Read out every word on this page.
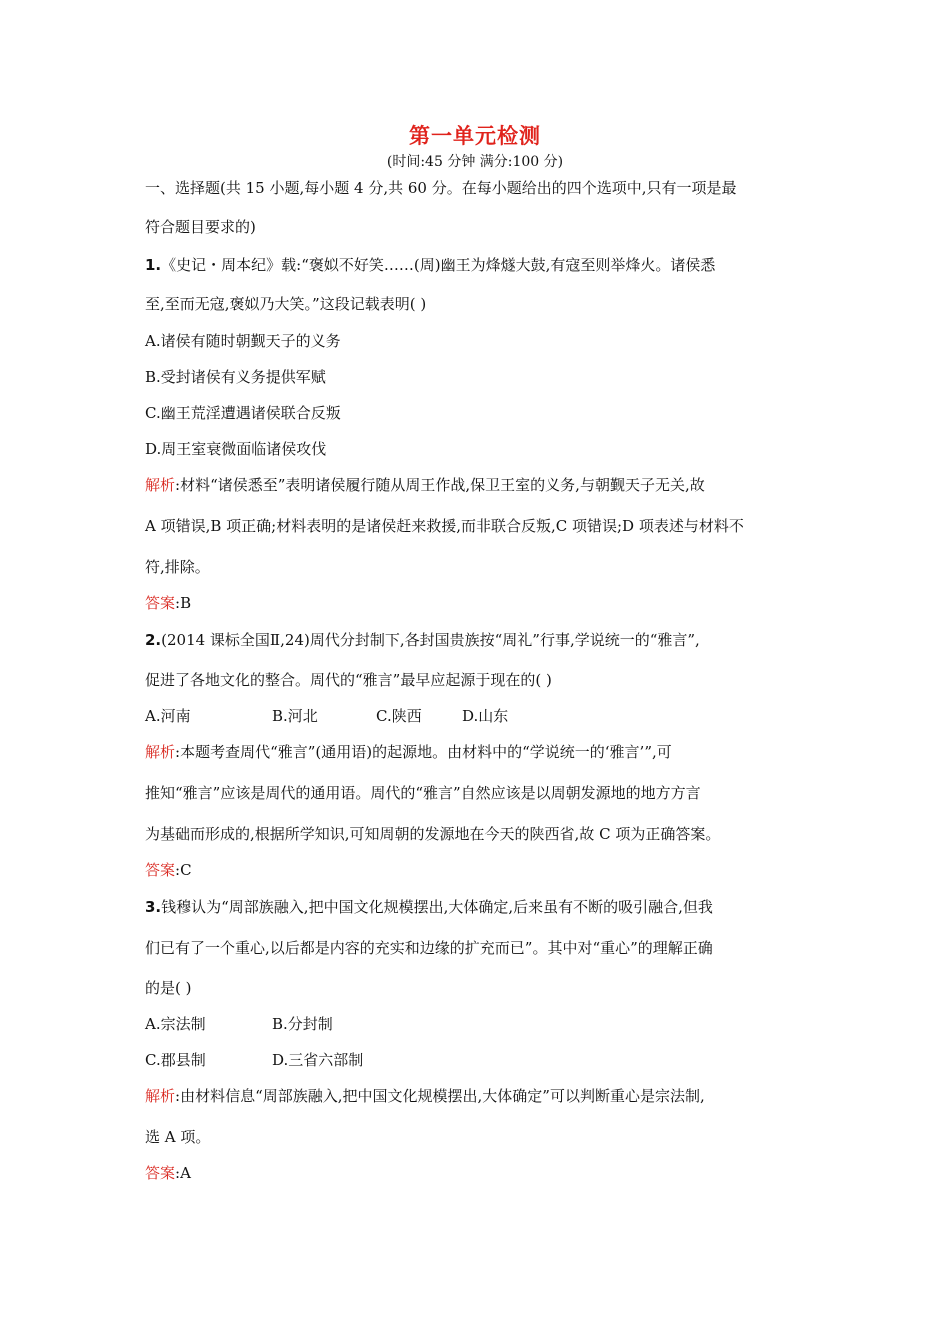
第一单元检测
(时间:45 分钟 满分:100 分)
一、选择题(共 15 小题,每小题 4 分,共 60 分。在每小题给出的四个选项中,只有一项是最
符合题目要求的)
1.《史记・周本纪》载:“褒姒不好笑……(周)幽王为烽燧大鼓,有寇至则举烽火。诸侯悉
至,至而无寇,褒姒乃大笑。”这段记载表明( )
A.诸侯有随时朝觐天子的义务
B.受封诸侯有义务提供军赋
C.幽王荒淫遭遇诸侯联合反叛
D.周王室衰微面临诸侯攻伐
解析:材料“诸侯悉至”表明诸侯履行随从周王作战,保卫王室的义务,与朝觐天子无关,故
A 项错误,B 项正确;材料表明的是诸侯赶来救援,而非联合反叛,C 项错误;D 项表述与材料不
符,排除。
答案:B
2.(2014 课标全国Ⅱ,24)周代分封制下,各封国贵族按“周礼”行事,学说统一的“雅言”,
促进了各地文化的整合。周代的“雅言”最早应起源于现在的( )
A.河南	B.河北	C.陕西	D.山东
解析:本题考查周代“雅言”(通用语)的起源地。由材料中的“学说统一的‘雅言’”,可
推知“雅言”应该是周代的通用语。周代的“雅言”自然应该是以周朝发源地的地方方言
为基础而形成的,根据所学知识,可知周朝的发源地在今天的陕西省,故 C 项为正确答案。
答案:C
3.钱穆认为“周部族融入,把中国文化规模摆出,大体确定,后来虽有不断的吸引融合,但我
们已有了一个重心,以后都是内容的充实和边缘的扩充而已”。其中对“重心”的理解正确
的是( )
A.宗法制	B.分封制
C.郡县制	D.三省六部制
解析:由材料信息“周部族融入,把中国文化规模摆出,大体确定”可以判断重心是宗法制,
选 A 项。
答案:A
